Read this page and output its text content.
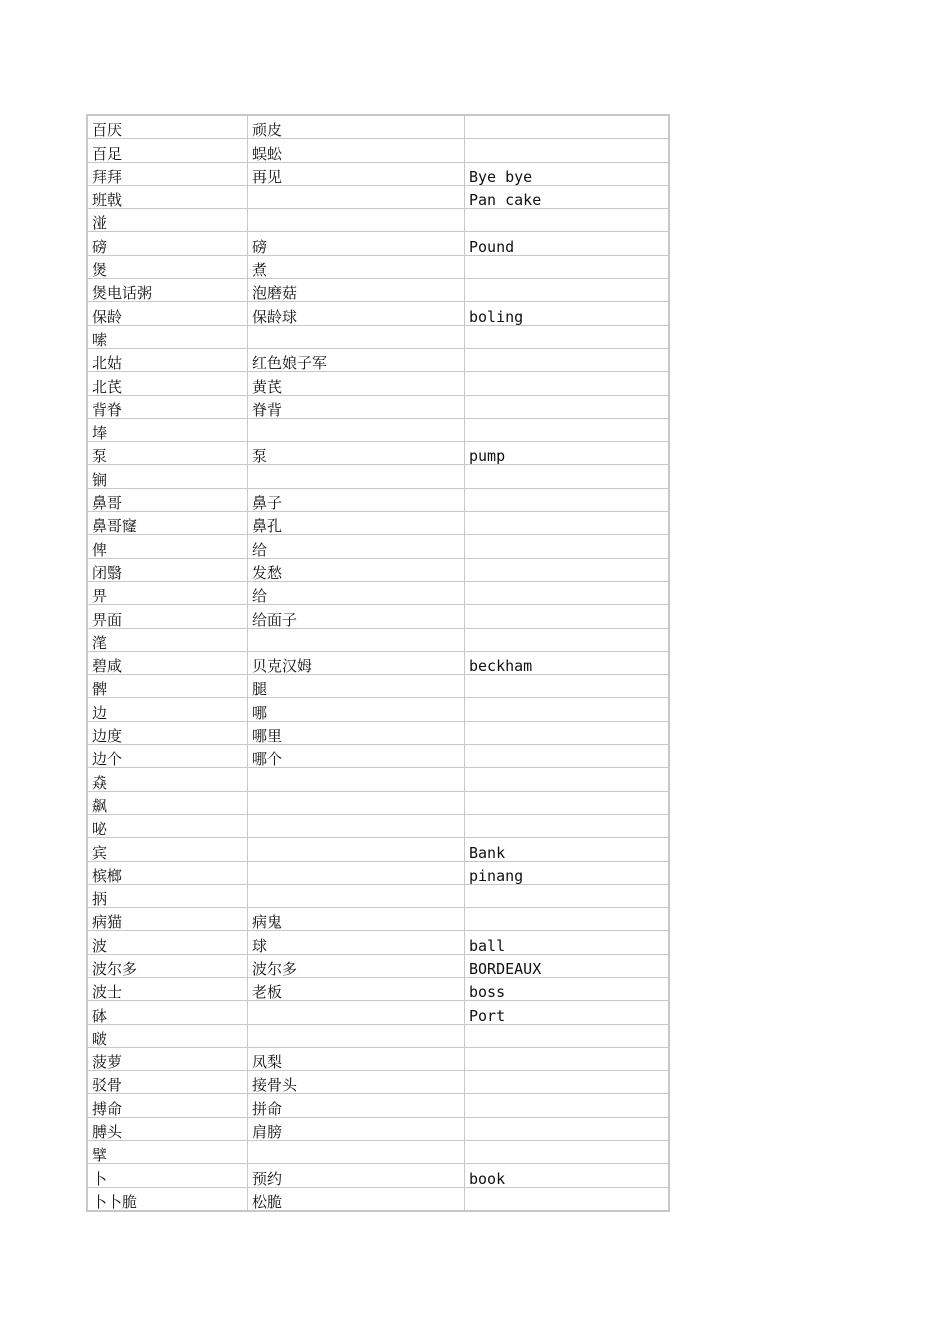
百厌	顽皮	
百足	蜈蚣	
拜拜	再见	Bye bye
班戟		Pan cake
湴		
磅	磅	Pound
煲	煮	
煲电话粥	泡磨菇	
保龄	保龄球	boling
嗦		
北姑	红色娘子军	
北芪	黄芪	
背脊	脊背	
埲		
泵	泵	pump
锎		
鼻哥	鼻子	
鼻哥窿	鼻孔	
俾	给	
闭翳	发愁	
畀	给	
畀面	给面子	
滗		
碧咸	贝克汉姆	beckham
髀	腿	
边	哪	
边度	哪里	
边个	哪个	
猋		
飙		
咇		
宾		Bank
槟榔		pinang
抦		
病猫	病鬼	
波	球	ball
波尔多	波尔多	BORDEAUX
波士	老板	boss
砵		Port
啵		
菠萝	凤梨	
驳骨	接骨头	
搏命	拼命	
膊头	肩膀	
擘		
卜	预约	book
卜卜脆	松脆	
